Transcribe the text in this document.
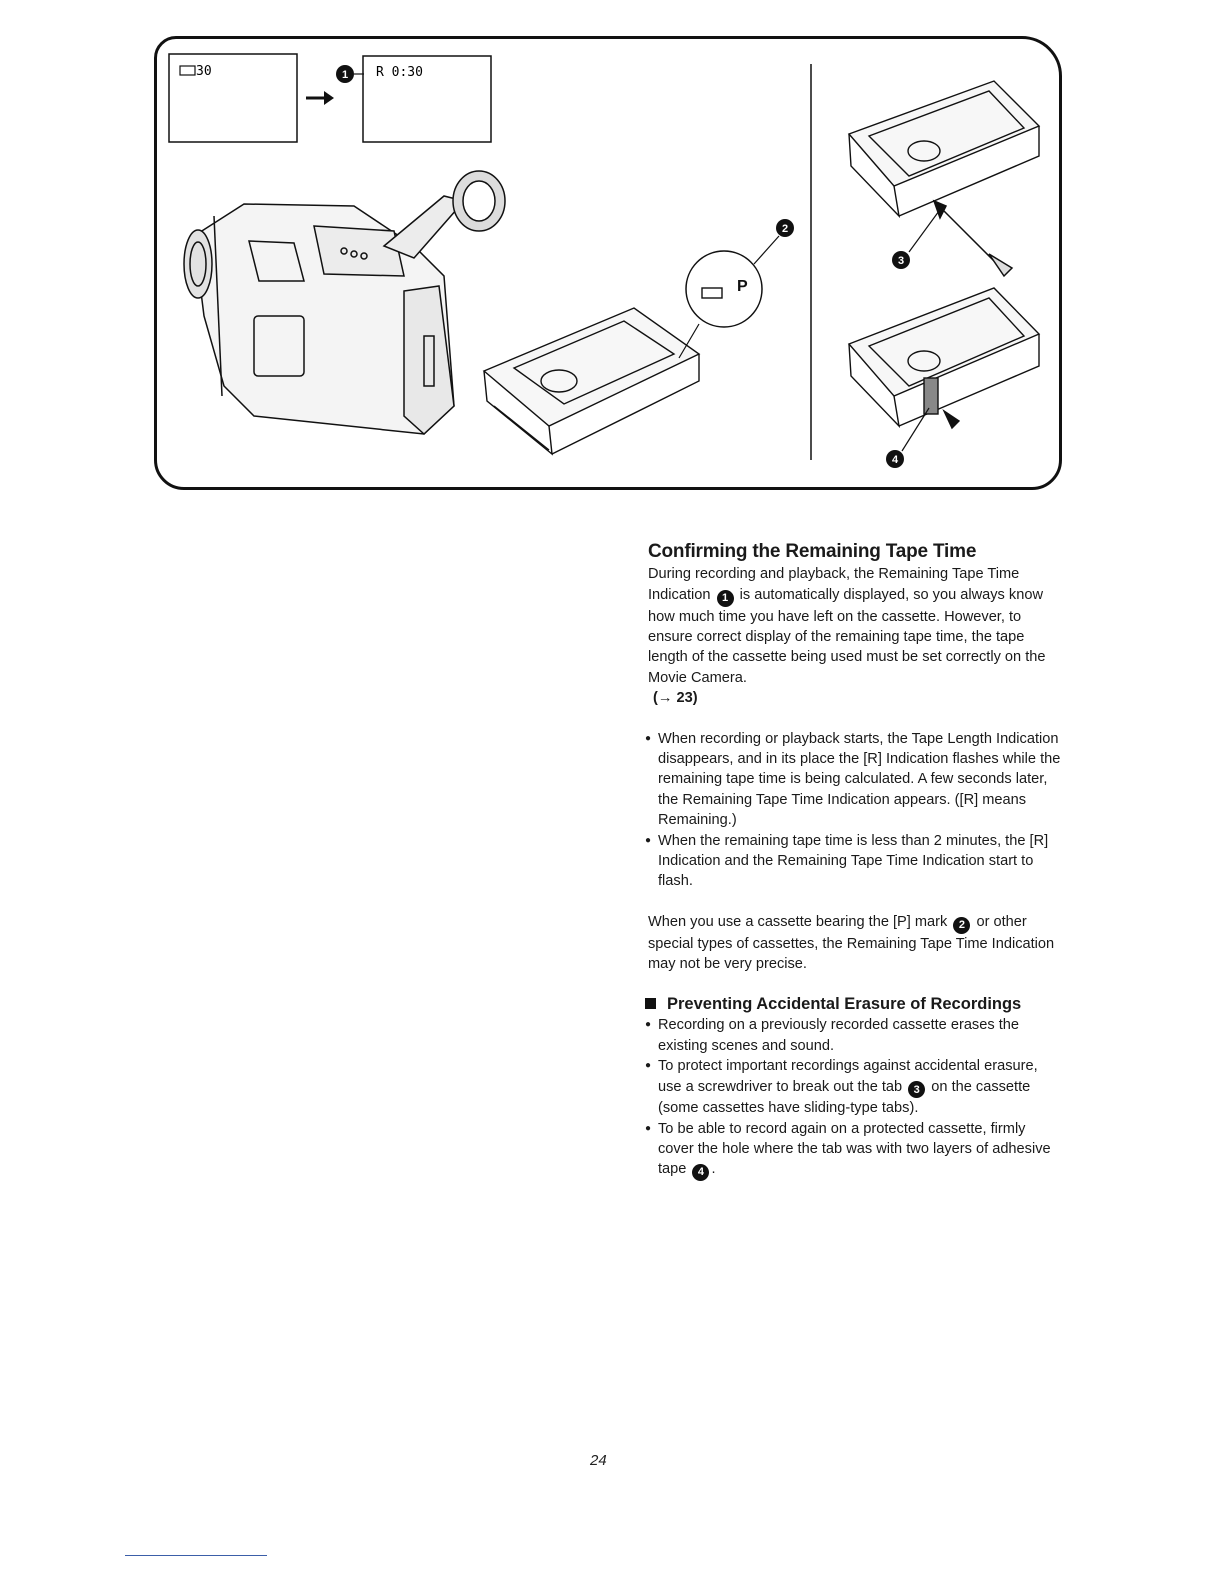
30	1 R 0:30
P
2
3
4
Confirming the Remaining Tape Time

During recording and playback, the Remaining Tape Time Indication 1 is automatically displayed, so you always know how much time you have left on the cassette. However, to ensure correct display of the remaining tape time, the tape length of the cassette being used must be set correctly on the Movie Camera.
(→ 23)

● When recording or playback starts, the Tape Length Indication disappears, and in its place the [R] Indication flashes while the remaining tape time is being calculated. A few seconds later, the Remaining Tape Time Indication appears. ([R] means Remaining.)
● When the remaining tape time is less than 2 minutes, the [R] Indication and the Remaining Tape Time Indication start to flash.

When you use a cassette bearing the [P] mark 2 or other special types of cassettes, the Remaining Tape Time Indication may not be very precise.

Preventing Accidental Erasure of Recordings
● Recording on a previously recorded cassette erases the existing scenes and sound.
● To protect important recordings against accidental erasure, use a screwdriver to break out the tab 3 on the cassette (some cassettes have sliding-type tabs).
● To be able to record again on a protected cassette, firmly cover the hole where the tab was with two layers of adhesive tape 4 .
24
